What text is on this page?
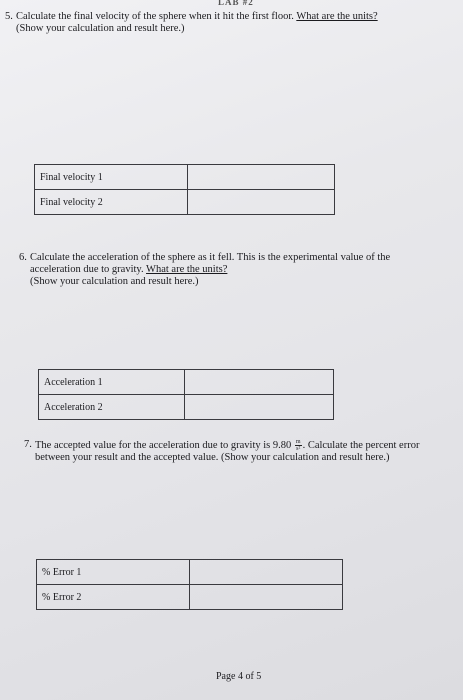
LAB #2
5. Calculate the final velocity of the sphere when it hit the first floor. What are the units?
(Show your calculation and result here.)
Final velocity 1	
Final velocity 2	
6. Calculate the acceleration of the sphere as it fell. This is the experimental value of the
acceleration due to gravity. What are the units?
(Show your calculation and result here.)
Acceleration 1	
Acceleration 2	
7. The accepted value for the acceleration due to gravity is $9.80 \frac{m}{\text{s²}}$ . Calculate the percent error
between your result and the accepted value. (Show your calculation and result here.)
% Error 1	
% Error 2	
Page 4 of 5
